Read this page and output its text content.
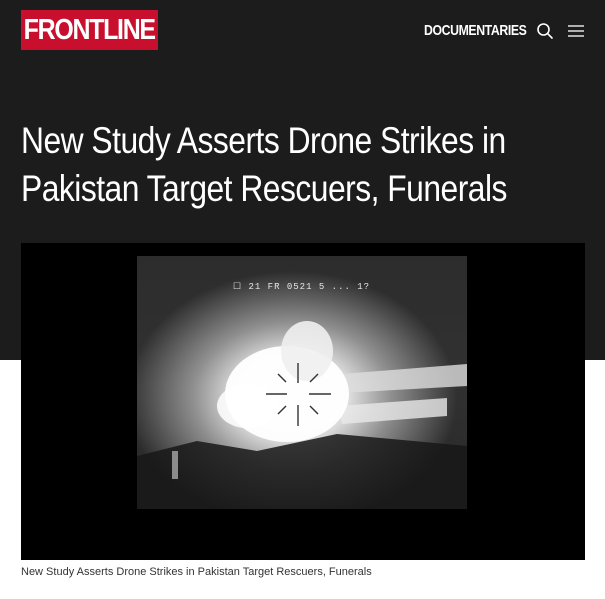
FRONTLINE	DOCUMENTARIES
New Study Asserts Drone Strikes in
Pakistan Target Rescuers, Funerals
☐ 21 FR 0521 5 ... 1?

New Study Asserts Drone Strikes in Pakistan Target Rescuers, Funerals
